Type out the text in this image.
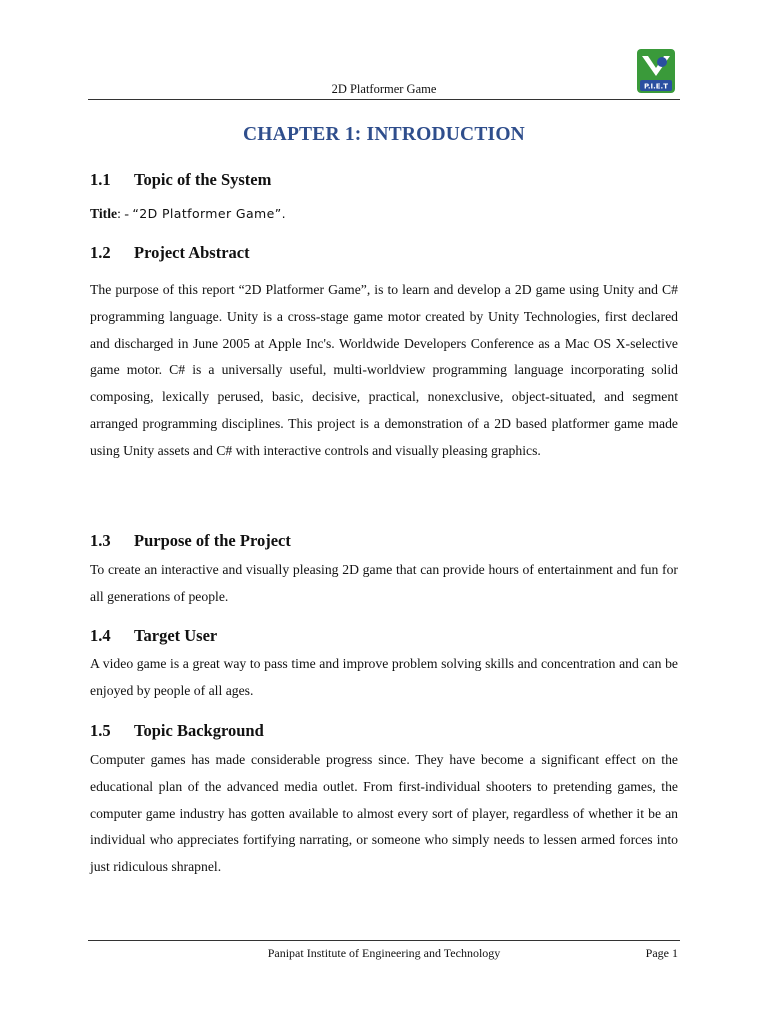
2D Platformer Game	P.I.E.T
CHAPTER 1: INTRODUCTION
1.1 Topic of the System
Title: - “2D Platformer Game”.
1.2 Project Abstract

The purpose of this report “2D Platformer Game”, is to learn and develop a 2D game using Unity and C# programming language. Unity is a cross-stage game motor created by Unity Technologies, first declared and discharged in June 2005 at Apple Inc's. Worldwide Developers Conference as a Mac OS X-selective game motor. C# is a universally useful, multi-worldview programming language incorporating solid composing, lexically perused, basic, decisive, practical, nonexclusive, object-situated, and segment arranged programming disciplines. This project is a demonstration of a 2D based platformer game made using Unity assets and C# with interactive controls and visually pleasing graphics.

1.3 Purpose of the Project

To create an interactive and visually pleasing 2D game that can provide hours of entertainment and fun for all generations of people.

1.4 Target User

A video game is a great way to pass time and improve problem solving skills and concentration and can be enjoyed by people of all ages.

1.5 Topic Background

Computer games has made considerable progress since. They have become a significant effect on the educational plan of the advanced media outlet. From first-individual shooters to pretending games, the computer game industry has gotten available to almost every sort of player, regardless of whether it be an individual who appreciates fortifying narrating, or someone who simply needs to lessen armed forces into just ridiculous shrapnel.

Panipat Institute of Engineering and Technology	Page 1
